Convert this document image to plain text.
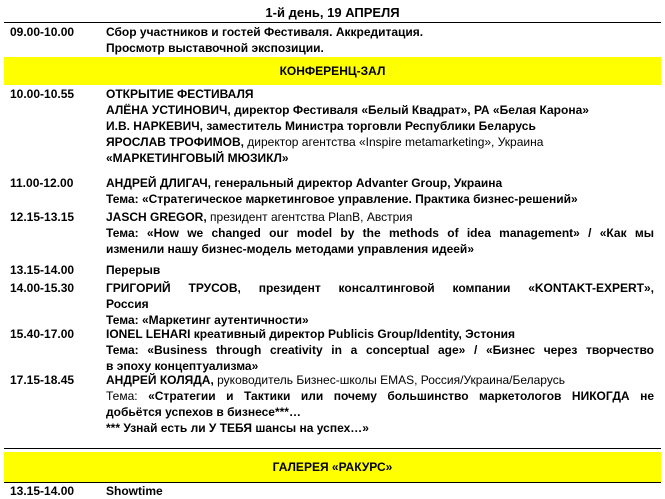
1-й день, 19 АПРЕЛЯ
09.00-10.00	Сбор участников и гостей Фестиваля. Аккредитация.
Просмотр выставочной экспозиции.
КОНФЕРЕНЦ-ЗАЛ
10.00-10.55	ОТКРЫТИЕ ФЕСТИВАЛЯ
АЛЁНА УСТИНОВИЧ, директор Фестиваля «Белый Квадрат», РА «Белая Карона»
И.В. НАРКЕВИЧ, заместитель Министра торговли Республики Беларусь
ЯРОСЛАВ ТРОФИМОВ, директор агентства «Inspire metamarketing», Украина
«МАРКЕТИНГОВЫЙ МЮЗИКЛ»
11.00-12.00	АНДРЕЙ ДЛИГАЧ, генеральный директор Advanter Group, Украина
Тема: «Стратегическое маркетинговое управление. Практика бизнес-решений»
12.15-13.15	JASCH GREGOR, президент агентства PlanB, Австрия
Тема: «How we changed our model by the methods of idea management» / «Как мы
изменили нашу бизнес-модель методами управления идеей»
13.15-14.00	Перерыв
14.00-15.30	ГРИГОРИЙ ТРУСОВ, президент консалтинговой компании «KONTAKT-EXPERT»,
Россия
Тема: «Маркетинг аутентичности»
15.40-17.00	IONEL LEHARI креативный директор Publicis Group/Identity, Эстония
Тема: «Business through creativity in a conceptual age» / «Бизнес через творчество
в эпоху концептуализма»
17.15-18.45	АНДРЕЙ КОЛЯДА, руководитель Бизнес-школы EMAS, Россия/Украина/Беларусь
Тема: «Стратегии и Тактики или почему большинство маркетологов НИКОГДА не
добьётся успехов в бизнесе***…
*** Узнай есть ли У ТЕБЯ шансы на успех…»
ГАЛЕРЕЯ «РАКУРС»
13.15-14.00	Showtime
